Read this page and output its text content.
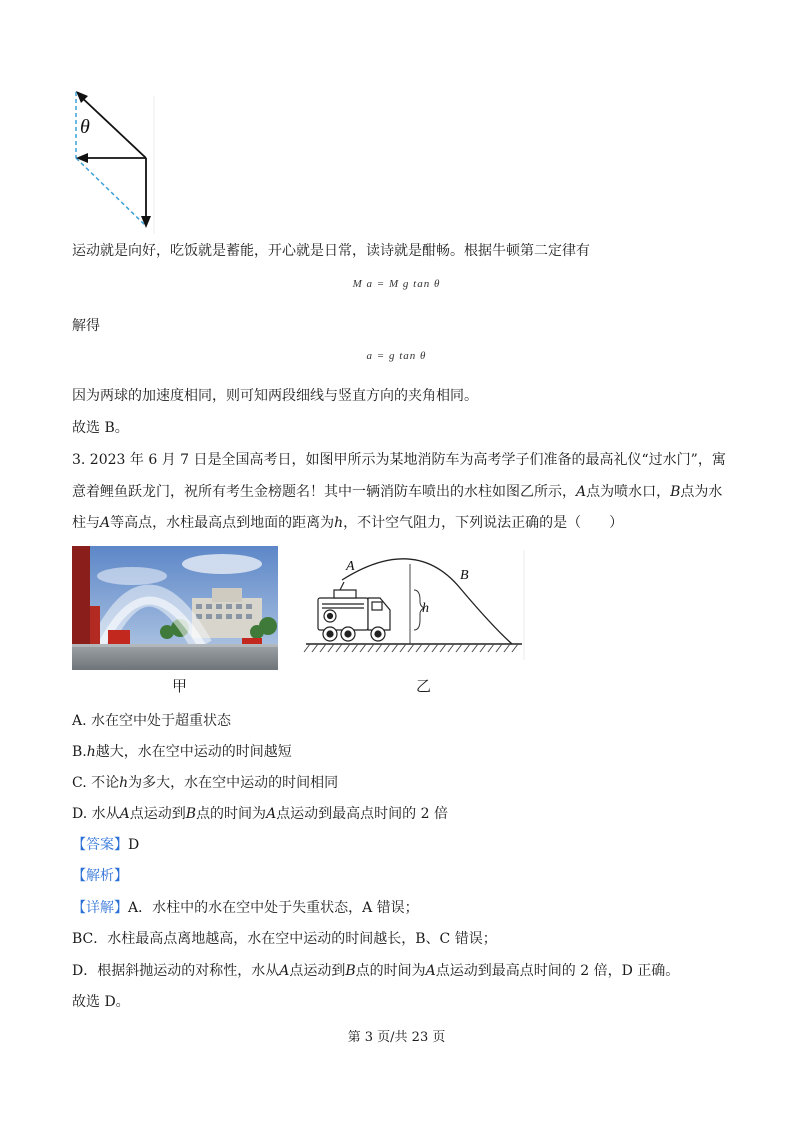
θ
运动就是向好，吃饭就是蓄能，开心就是日常，读诗就是酣畅。根据牛顿第二定律有
M a = M g tan θ
解得
a = g tan θ
因为两球的加速度相同，则可知两段细线与竖直方向的夹角相同。
故选 B。
3. 2023 年 6 月 7 日是全国高考日，如图甲所示为某地消防车为高考学子们准备的最高礼仪“过水门”，寓
意着鲤鱼跃龙门，祝所有考生金榜题名！其中一辆消防车喷出的水柱如图乙所示，A点为喷水口，B点为水
柱与A等高点，水柱最高点到地面的距离为h，不计空气阻力，下列说法正确的是（　　）
甲
A
B
h
乙
A. 水在空中处于超重状态
B.h越大，水在空中运动的时间越短
C. 不论h为多大，水在空中运动的时间相同
D. 水从A点运动到B点的时间为A点运动到最高点时间的 2 倍
【答案】D
【解析】
【详解】A．水柱中的水在空中处于失重状态，A 错误；
BC．水柱最高点离地越高，水在空中运动的时间越长，B、C 错误；
D．根据斜抛运动的对称性，水从A点运动到B点的时间为A点运动到最高点时间的 2 倍，D 正确。
故选 D。
第 3 页/共 23 页
